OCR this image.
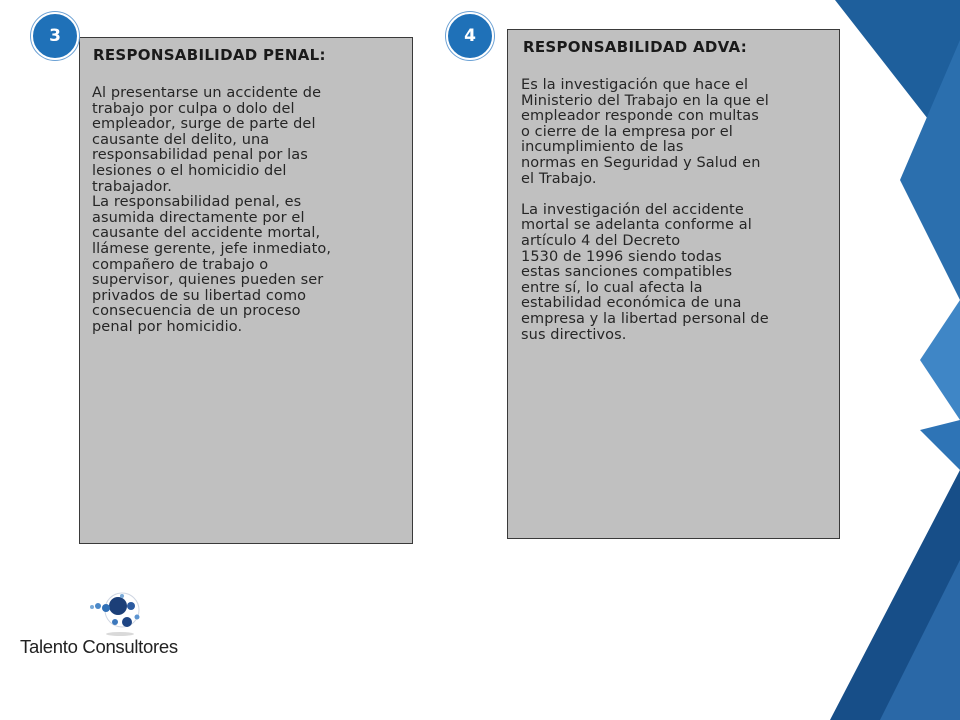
RESPONSABILIDAD PENAL:

Al presentarse un accidente de

trabajo por culpa o dolo del

empleador, surge de parte del

causante del delito, una

responsabilidad penal por las

lesiones o el homicidio del

trabajador.

La responsabilidad penal, es

asumida directamente por el

causante del accidente mortal,

llámese gerente, jefe inmediato,

compañero de trabajo o

supervisor, quienes pueden ser

privados de su libertad como

consecuencia de un proceso

penal por homicidio.

RESPONSABILIDAD ADVA:

Es la investigación que hace el

Ministerio del Trabajo en la que el

empleador responde con multas

o cierre de la empresa por el

incumplimiento de las

normas en Seguridad y Salud en

el Trabajo.

La investigación del accidente

mortal se adelanta conforme al

artículo 4 del Decreto

1530 de 1996 siendo todas

estas sanciones compatibles

entre sí, lo cual afecta la

estabilidad económica de una

empresa y la libertad personal de

sus directivos.

3	4
Talento Consultores
